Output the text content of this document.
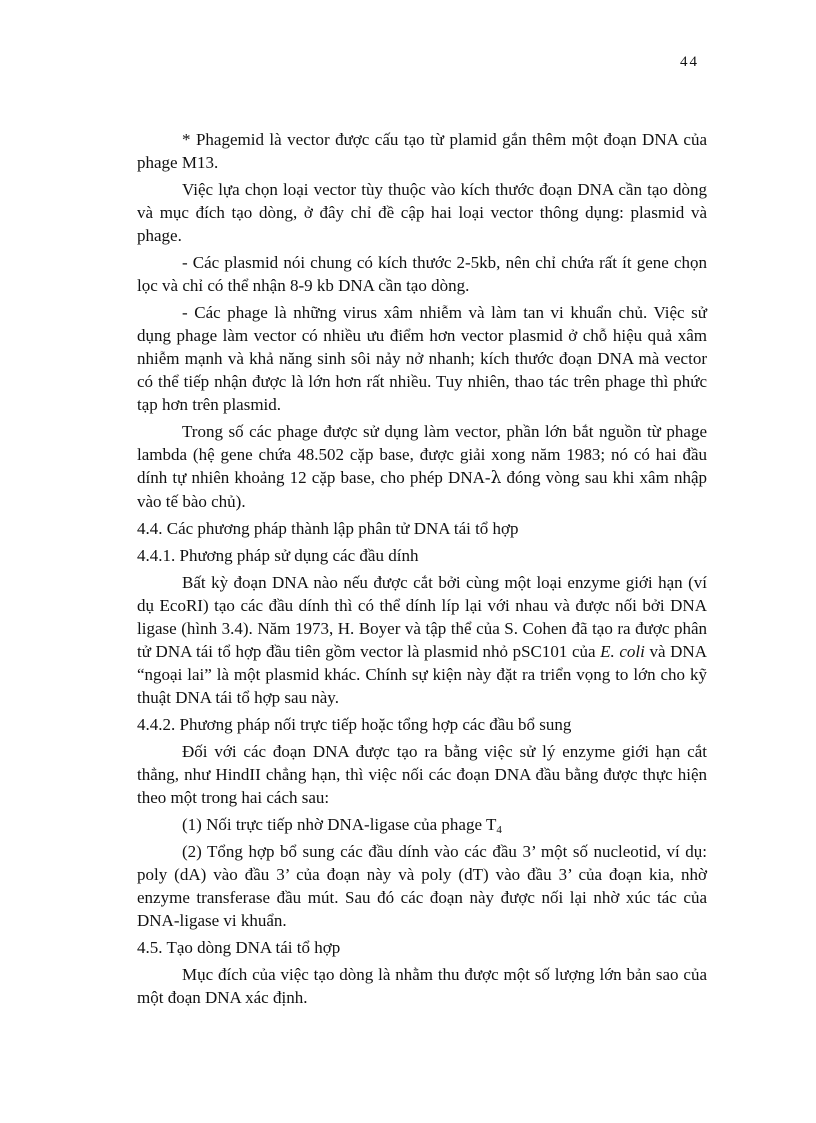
44

* Phagemid là vector được cấu tạo từ plamid gắn thêm một đoạn DNA của phage M13.

Việc lựa chọn loại vector tùy thuộc vào kích thước đoạn DNA cần tạo dòng và mục đích tạo dòng, ở đây chỉ đề cập hai loại vector thông dụng: plasmid và phage.

- Các plasmid nói chung có kích thước 2-5kb, nên chỉ chứa rất ít gene chọn lọc và chỉ có thể nhận 8-9 kb DNA cần tạo dòng.

- Các phage là những virus xâm nhiễm và làm tan vi khuẩn chủ. Việc sử dụng phage làm vector có nhiều ưu điểm hơn vector plasmid ở chỗ hiệu quả xâm nhiễm mạnh và khả năng sinh sôi nảy nở nhanh; kích thước đoạn DNA mà vector có thể tiếp nhận được là lớn hơn rất nhiều. Tuy nhiên, thao tác trên phage thì phức tạp hơn trên plasmid.

Trong số các phage được sử dụng làm vector, phần lớn bắt nguồn từ phage lambda (hệ gene chứa 48.502 cặp base, được giải xong năm 1983; nó có hai đầu dính tự nhiên khoảng 12 cặp base, cho phép DNA-λ đóng vòng sau khi xâm nhập vào tế bào chủ).

4.4. Các phương pháp thành lập phân tử DNA tái tổ hợp

4.4.1. Phương pháp sử dụng các đầu dính

Bất kỳ đoạn DNA nào nếu được cắt bởi cùng một loại enzyme giới hạn (ví dụ EcoRI) tạo các đầu dính thì có thể dính líp lại với nhau và được nối bởi DNA ligase (hình 3.4). Năm 1973, H. Boyer và tập thể của S. Cohen đã tạo ra được phân tử DNA tái tổ hợp đầu tiên gồm vector là plasmid nhỏ pSC101 của E. coli và DNA “ngoại lai” là một plasmid khác. Chính sự kiện này đặt ra triển vọng to lớn cho kỹ thuật DNA tái tổ hợp sau này.

4.4.2. Phương pháp nối trực tiếp hoặc tổng hợp các đầu bổ sung

Đối với các đoạn DNA được tạo ra bằng việc sử lý enzyme giới hạn cắt thẳng, như HindII chẳng hạn, thì việc nối các đoạn DNA đầu bằng được thực hiện theo một trong hai cách sau:

(1) Nối trực tiếp nhờ DNA-ligase của phage $T_4$

(2) Tổng hợp bổ sung các đầu dính vào các đầu 3’ một số nucleotid, ví dụ: poly (dA) vào đầu 3’ của đoạn này và poly (dT) vào đầu 3’ của đoạn kia, nhờ enzyme transferase đầu mút. Sau đó các đoạn này được nối lại nhờ xúc tác của DNA-ligase vi khuẩn.

4.5. Tạo dòng DNA tái tổ hợp

Mục đích của việc tạo dòng là nhằm thu được một số lượng lớn bản sao của một đoạn DNA xác định.
